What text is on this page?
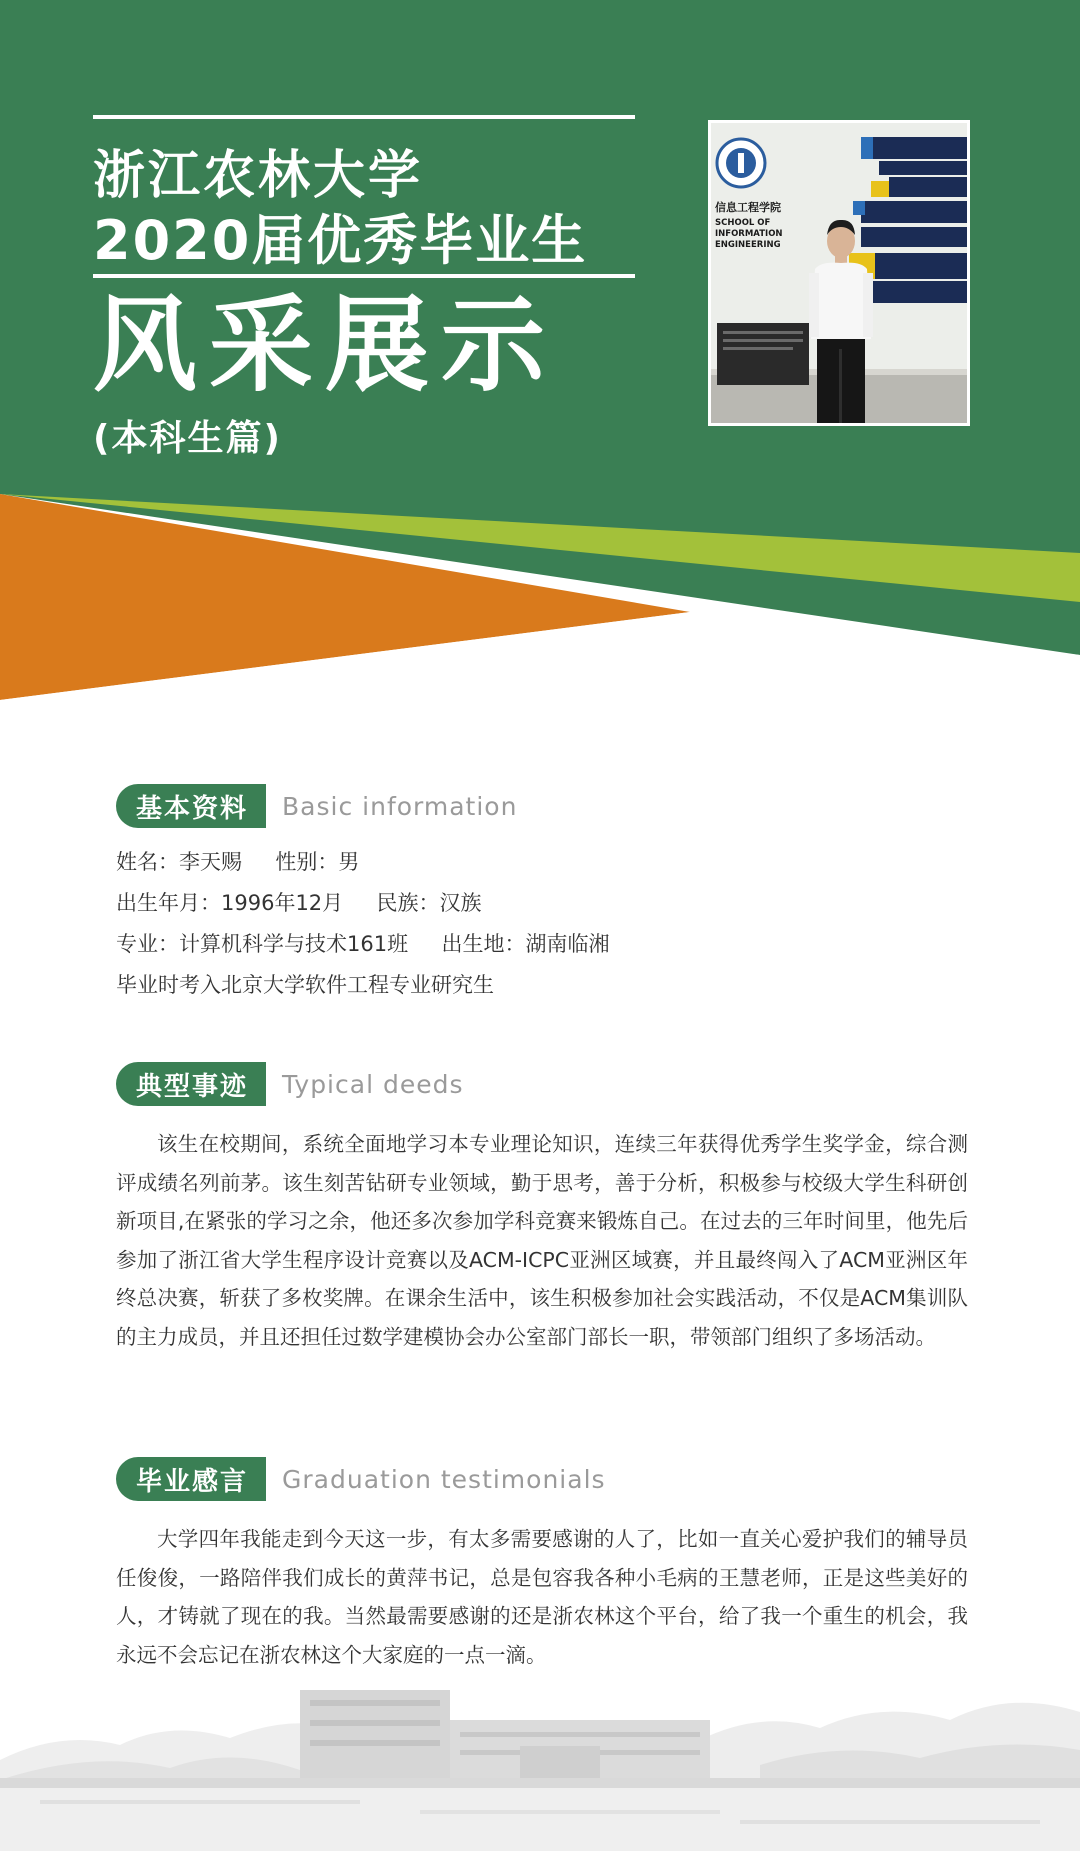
浙江农林大学
2020届优秀毕业生
风采展示
(本科生篇)
信息工程学院
SCHOOL OF
INFORMATION
ENGINEERING
基本资料	Basic information
姓名：李天赐     性别：男
出生年月：1996年12月     民族：汉族
专业：计算机科学与技术161班     出生地：湖南临湘
毕业时考入北京大学软件工程专业研究生
典型事迹	Typical deeds
该生在校期间，系统全面地学习本专业理论知识，连续三年获得优秀学生奖学金，综合测评成绩名列前茅。该生刻苦钻研专业领域，勤于思考，善于分析，积极参与校级大学生科研创新项目,在紧张的学习之余，他还多次参加学科竞赛来锻炼自己。在过去的三年时间里，他先后参加了浙江省大学生程序设计竞赛以及ACM-ICPC亚洲区域赛，并且最终闯入了ACM亚洲区年终总决赛，斩获了多枚奖牌。在课余生活中，该生积极参加社会实践活动，不仅是ACM集训队的主力成员，并且还担任过数学建模协会办公室部门部长一职，带领部门组织了多场活动。
毕业感言	Graduation testimonials
大学四年我能走到今天这一步，有太多需要感谢的人了，比如一直关心爱护我们的辅导员任俊俊，一路陪伴我们成长的黄萍书记，总是包容我各种小毛病的王慧老师，正是这些美好的人，才铸就了现在的我。当然最需要感谢的还是浙农林这个平台，给了我一个重生的机会，我永远不会忘记在浙农林这个大家庭的一点一滴。
